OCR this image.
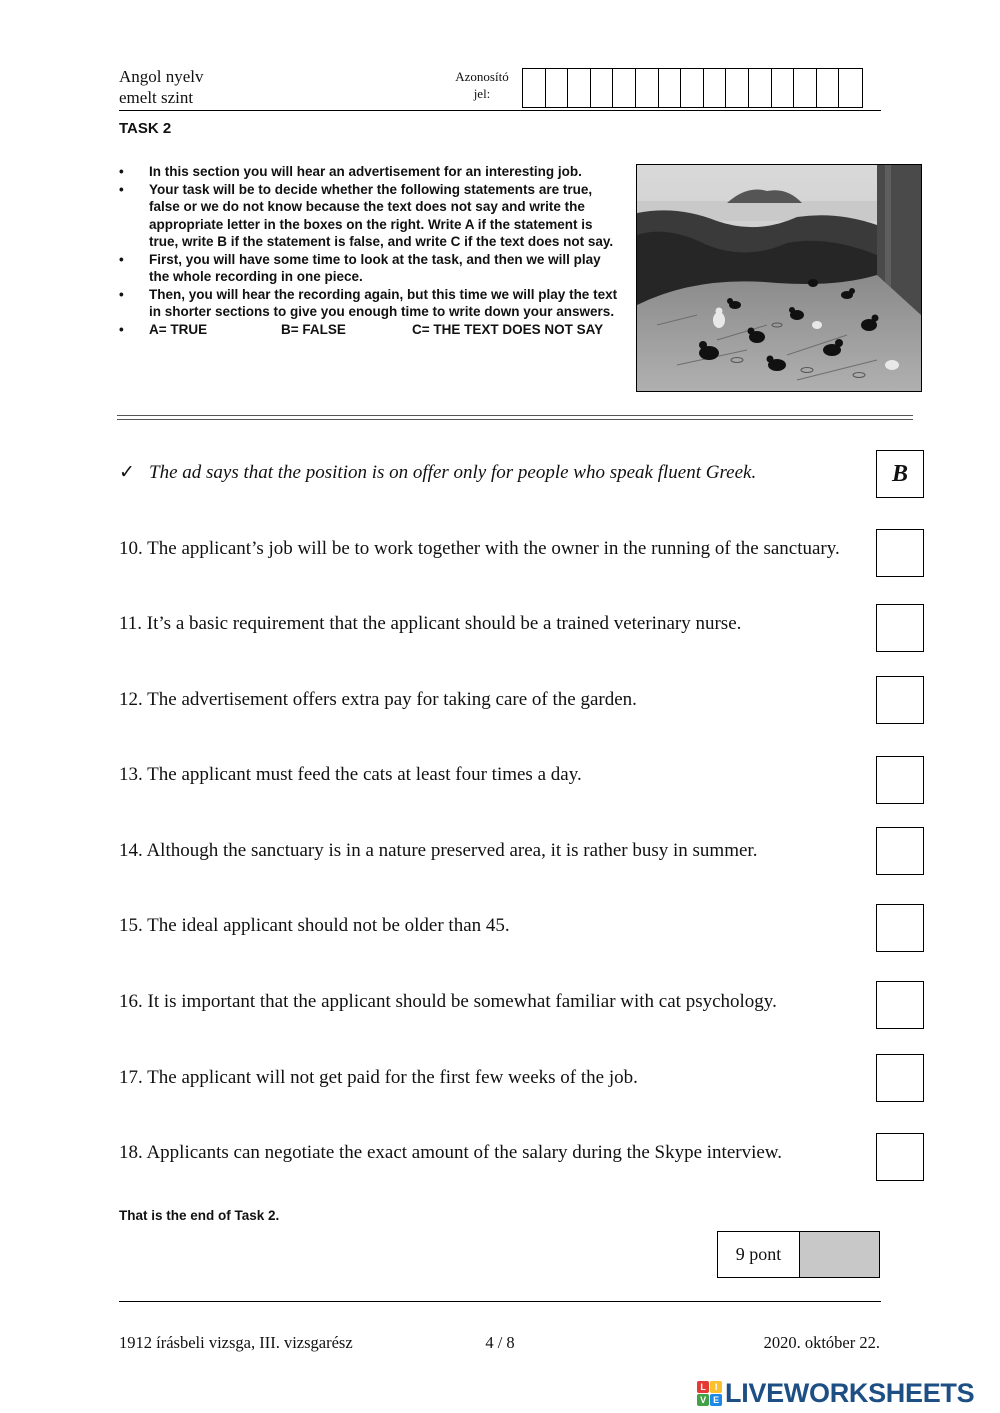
Angol nyelv
emelt szint
Azonosító
jel:
TASK 2
• In this section you will hear an advertisement for an interesting job.
• Your task will be to decide whether the following statements are true, false or we do not know because the text does not say and write the appropriate letter in the boxes on the right. Write A if the statement is true, write B if the statement is false, and write C if the text does not say.
• First, you will have some time to look at the task, and then we will play the whole recording in one piece.
• Then, you will hear the recording again, but this time we will play the text in shorter sections to give you enough time to write down your answers.
• A= TRUE	B= FALSE	C= THE TEXT DOES NOT SAY
✓ The ad says that the position is on offer only for people who speak fluent Greek.	B
10. The applicant’s job will be to work together with the owner in the running of the sanctuary.
11. It’s a basic requirement that the applicant should be a trained veterinary nurse.
12. The advertisement offers extra pay for taking care of the garden.
13. The applicant must feed the cats at least four times a day.
14. Although the sanctuary is in a nature preserved area, it is rather busy in summer.
15. The ideal applicant should not be older than 45.
16. It is important that the applicant should be somewhat familiar with cat psychology.
17. The applicant will not get paid for the first few weeks of the job.
18. Applicants can negotiate the exact amount of the salary during the Skype interview.
That is the end of Task 2.
9 pont
1912 írásbeli vizsga, III. vizsgarész	4 / 8	2020. október 22.
L	I
V E LIVEWORKSHEETS
